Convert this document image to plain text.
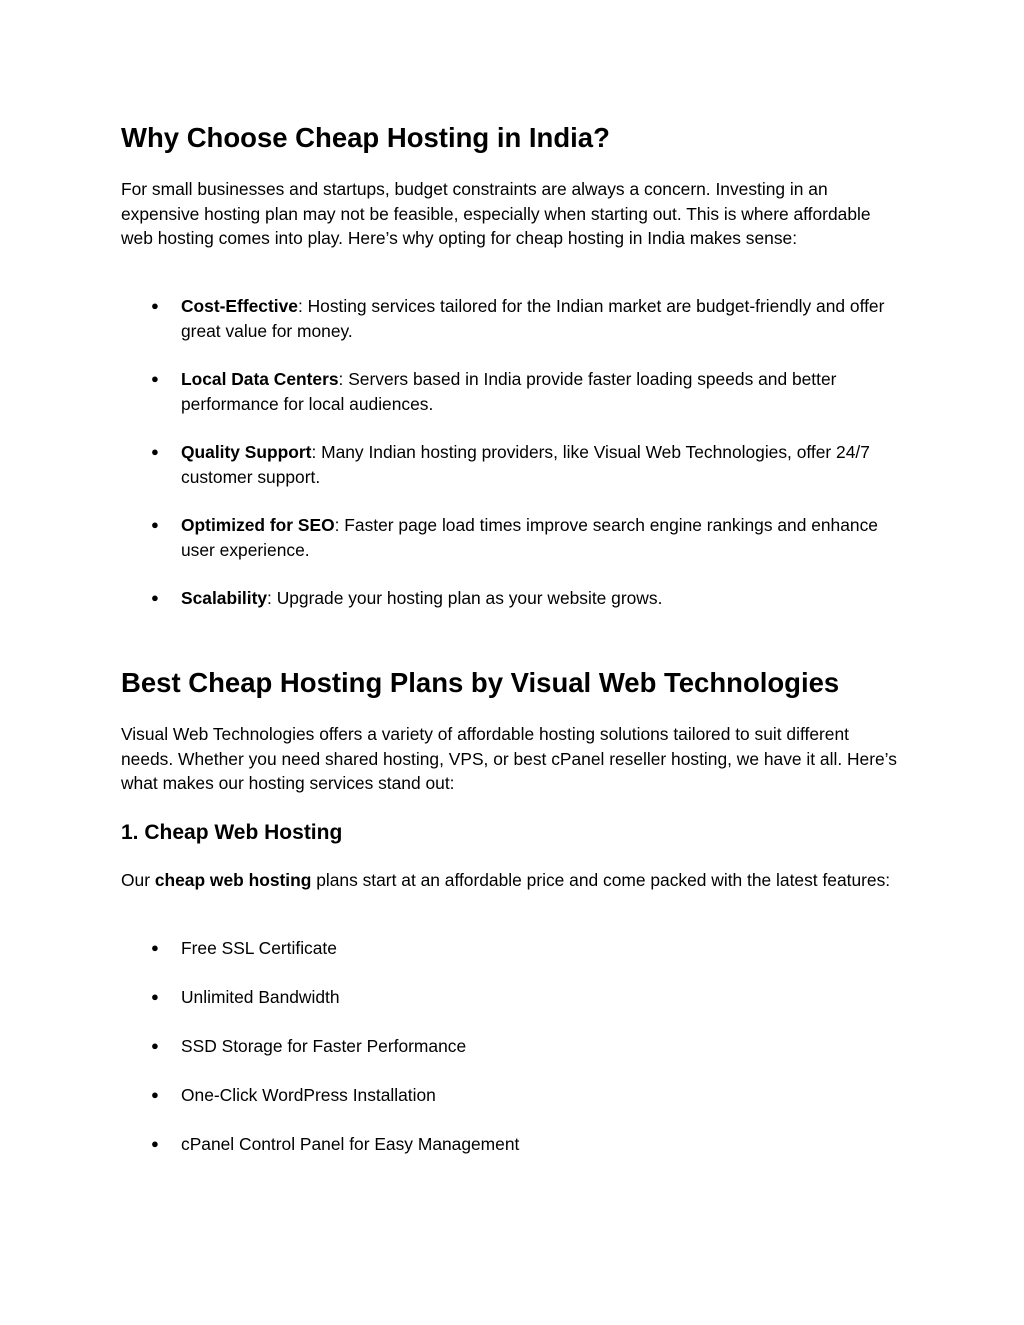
Why Choose Cheap Hosting in India?

For small businesses and startups, budget constraints are always a concern. Investing in an expensive hosting plan may not be feasible, especially when starting out. This is where affordable web hosting comes into play. Here’s why opting for cheap hosting in India makes sense:

● Cost-Effective: Hosting services tailored for the Indian market are budget-friendly and offer great value for money.
● Local Data Centers: Servers based in India provide faster loading speeds and better performance for local audiences.
● Quality Support: Many Indian hosting providers, like Visual Web Technologies, offer 24/7 customer support.
● Optimized for SEO: Faster page load times improve search engine rankings and enhance user experience.
● Scalability: Upgrade your hosting plan as your website grows.
Best Cheap Hosting Plans by Visual Web Technologies

Visual Web Technologies offers a variety of affordable hosting solutions tailored to suit different needs. Whether you need shared hosting, VPS, or best cPanel reseller hosting, we have it all. Here’s what makes our hosting services stand out:

1. Cheap Web Hosting

Our cheap web hosting plans start at an affordable price and come packed with the latest features:

● Free SSL Certificate
● Unlimited Bandwidth
● SSD Storage for Faster Performance
● One-Click WordPress Installation
● cPanel Control Panel for Easy Management
